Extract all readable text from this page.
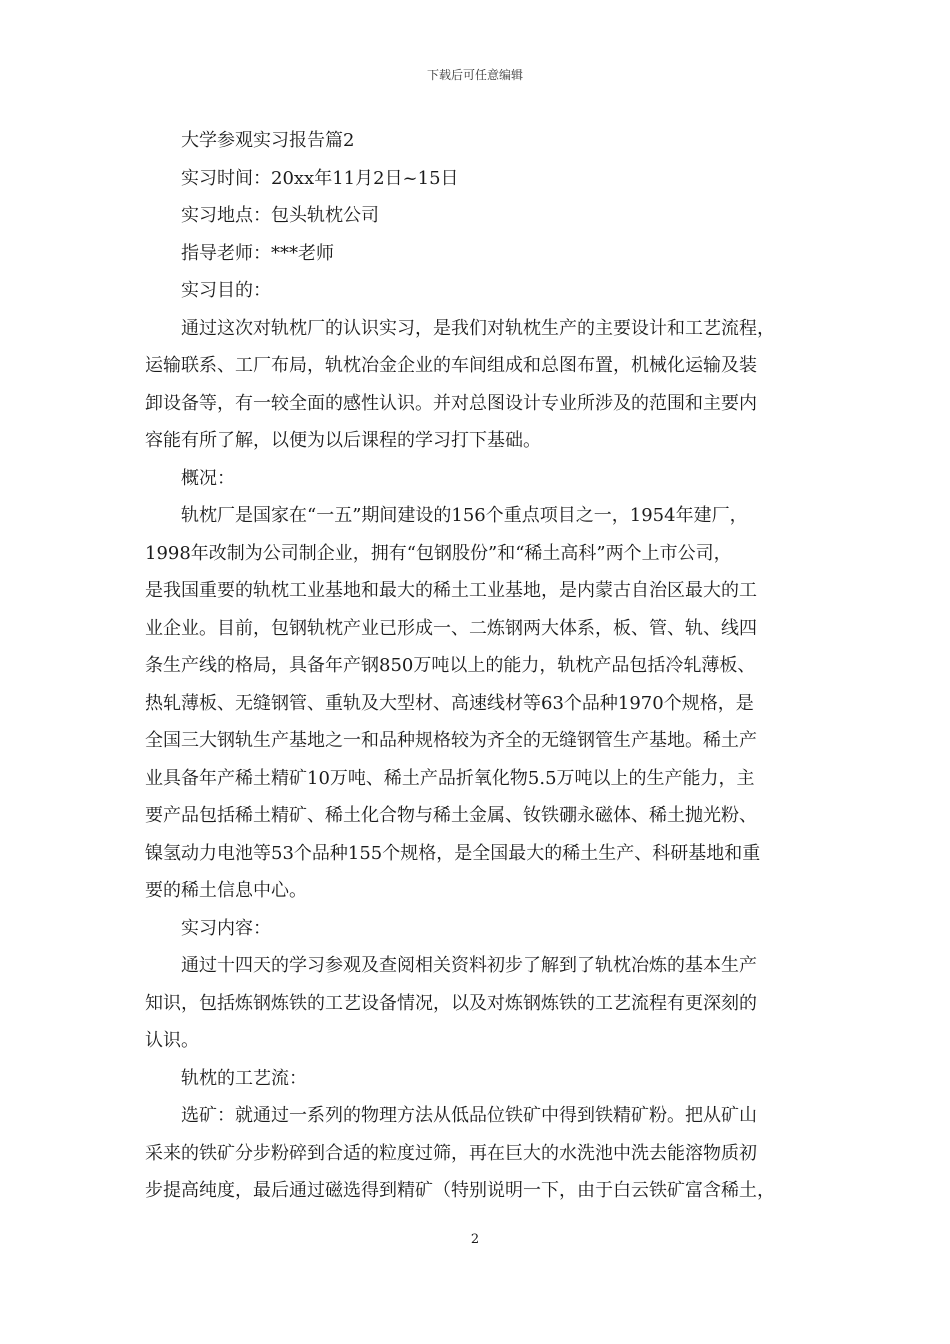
下载后可任意编辑
　　大学参观实习报告篇2
　　实习时间：20xx年11月2日~15日
　　实习地点：包头轨枕公司
　　指导老师：***老师
　　实习目的：
　　通过这次对轨枕厂的认识实习，是我们对轨枕生产的主要设计和工艺流程，
运输联系、工厂布局，轨枕冶金企业的车间组成和总图布置，机械化运输及装
卸设备等，有一较全面的感性认识。并对总图设计专业所涉及的范围和主要内
容能有所了解，以便为以后课程的学习打下基础。
　　概况：
　　轨枕厂是国家在“一五”期间建设的156个重点项目之一，1954年建厂，
1998年改制为公司制企业，拥有“包钢股份”和“稀土高科”两个上市公司，
是我国重要的轨枕工业基地和最大的稀土工业基地，是内蒙古自治区最大的工
业企业。目前，包钢轨枕产业已形成一、二炼钢两大体系，板、管、轨、线四
条生产线的格局，具备年产钢850万吨以上的能力，轨枕产品包括冷轧薄板、
热轧薄板、无缝钢管、重轨及大型材、高速线材等63个品种1970个规格，是
全国三大钢轨生产基地之一和品种规格较为齐全的无缝钢管生产基地。稀土产
业具备年产稀土精矿10万吨、稀土产品折氧化物5.5万吨以上的生产能力，主
要产品包括稀土精矿、稀土化合物与稀土金属、钕铁硼永磁体、稀土抛光粉、
镍氢动力电池等53个品种155个规格，是全国最大的稀土生产、科研基地和重
要的稀土信息中心。
　　实习内容：
　　通过十四天的学习参观及查阅相关资料初步了解到了轨枕冶炼的基本生产
知识，包括炼钢炼铁的工艺设备情况，以及对炼钢炼铁的工艺流程有更深刻的
认识。
　　轨枕的工艺流：
　　选矿：就通过一系列的物理方法从低品位铁矿中得到铁精矿粉。把从矿山
采来的铁矿分步粉碎到合适的粒度过筛，再在巨大的水洗池中洗去能溶物质初
步提高纯度，最后通过磁选得到精矿（特别说明一下，由于白云铁矿富含稀土，
2
